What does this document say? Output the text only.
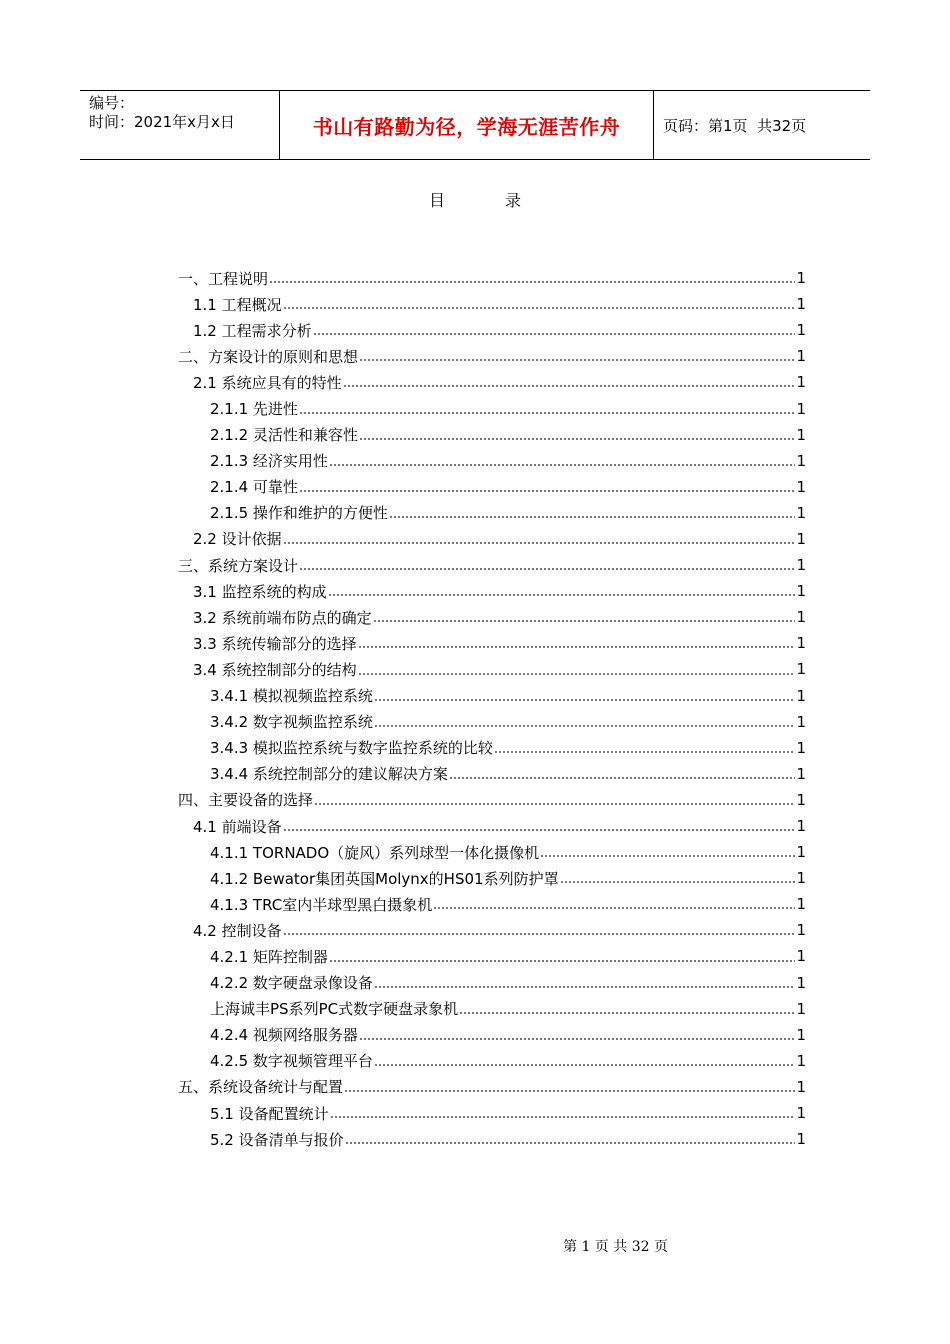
编号：
时间：2021年x月x日	书山有路勤为径，学海无涯苦作舟	页码：第1页  共32页
目	录
一、工程说明	1
1.1 工程概况	1
1.2 工程需求分析	1
二、方案设计的原则和思想	1
2.1 系统应具有的特性	1
2.1.1 先进性	1
2.1.2 灵活性和兼容性	1
2.1.3 经济实用性	1
2.1.4 可靠性	1
2.1.5 操作和维护的方便性	1
2.2 设计依据	1
三、系统方案设计	1
3.1 监控系统的构成	1
3.2 系统前端布防点的确定	1
3.3 系统传输部分的选择	1
3.4 系统控制部分的结构	1
3.4.1 模拟视频监控系统	1
3.4.2 数字视频监控系统	1
3.4.3 模拟监控系统与数字监控系统的比较	1
3.4.4 系统控制部分的建议解决方案	1
四、主要设备的选择	1
4.1 前端设备	1
4.1.1 TORNADO（旋风）系列球型一体化摄像机	1
4.1.2 Bewator集团英国Molynx的HS01系列防护罩	1
4.1.3 TRC室内半球型黑白摄象机	1
4.2 控制设备	1
4.2.1 矩阵控制器	1
4.2.2 数字硬盘录像设备	1
上海诚丰PS系列PC式数字硬盘录象机	1
4.2.4 视频网络服务器	1
4.2.5 数字视频管理平台	1
五、系统设备统计与配置	1
5.1 设备配置统计	1
5.2 设备清单与报价	1
第 1 页 共 32 页
